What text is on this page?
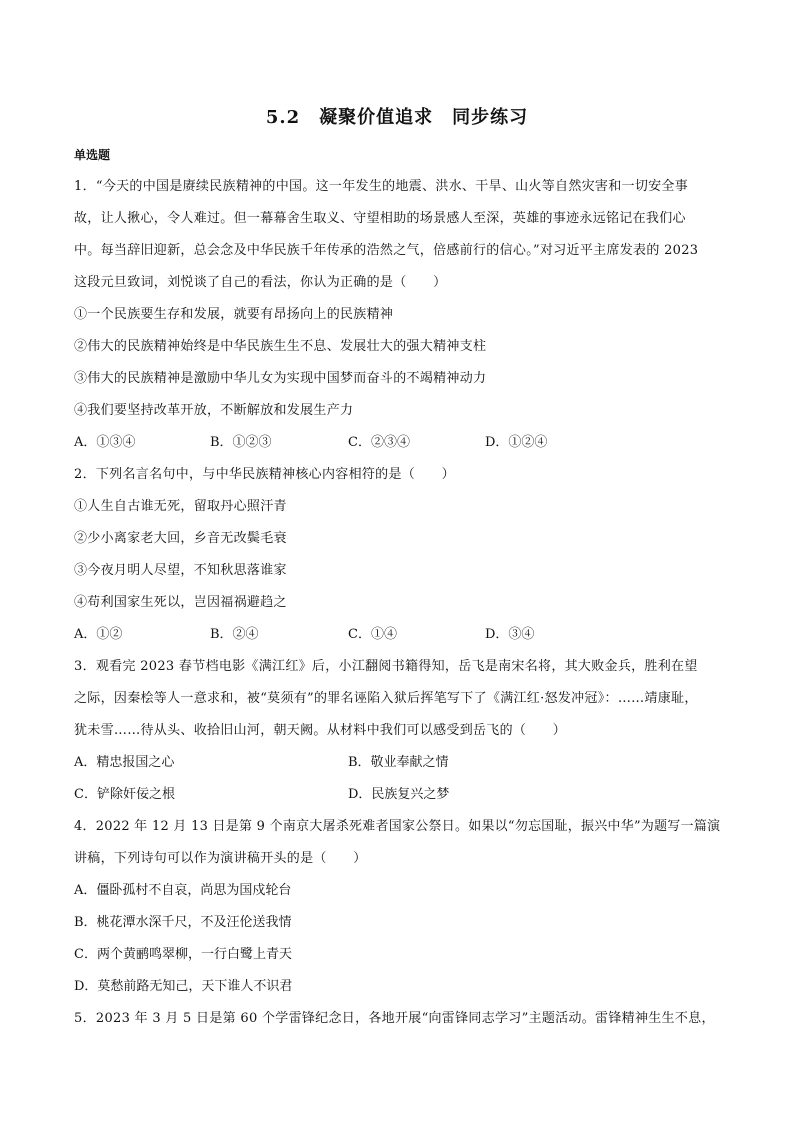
5.2　凝聚价值追求　同步练习
单选题
1．“今天的中国是赓续民族精神的中国。这一年发生的地震、洪水、干旱、山火等自然灾害和一切安全事
故，让人揪心，令人难过。但一幕幕舍生取义、守望相助的场景感人至深，英雄的事迹永远铭记在我们心
中。每当辞旧迎新，总会念及中华民族千年传承的浩然之气，倍感前行的信心。”对习近平主席发表的 2023
这段元旦致词，刘悦谈了自己的看法，你认为正确的是（　　）
①一个民族要生存和发展，就要有昂扬向上的民族精神
②伟大的民族精神始终是中华民族生生不息、发展壮大的强大精神支柱
③伟大的民族精神是激励中华儿女为实现中国梦而奋斗的不竭精神动力
④我们要坚持改革开放，不断解放和发展生产力
A．①③④	B．①②③	C．②③④	D．①②④
2．下列名言名句中，与中华民族精神核心内容相符的是（　　）
①人生自古谁无死，留取丹心照汗青
②少小离家老大回，乡音无改鬓毛衰
③今夜月明人尽望，不知秋思落谁家
④苟利国家生死以，岂因福祸避趋之
A．①②	B．②④	C．①④	D．③④
3．观看完 2023 春节档电影《满江红》后，小江翻阅书籍得知，岳飞是南宋名将，其大败金兵，胜利在望
之际，因秦桧等人一意求和，被“莫须有”的罪名诬陷入狱后挥笔写下了《满江红·怒发冲冠》：……靖康耻，
犹未雪……待从头、收拾旧山河，朝天阙。从材料中我们可以感受到岳飞的（　　）
A．精忠报国之心	B．敬业奉献之情
C．铲除奸佞之根	D．民族复兴之梦
4．2022 年 12 月 13 日是第 9 个南京大屠杀死难者国家公祭日。如果以“勿忘国耻，振兴中华”为题写一篇演
讲稿，下列诗句可以作为演讲稿开头的是（　　）
A．僵卧孤村不自哀，尚思为国戍轮台
B．桃花潭水深千尺，不及汪伦送我情
C．两个黄鹂鸣翠柳，一行白鹭上青天
D．莫愁前路无知己，天下谁人不识君
5．2023 年 3 月 5 日是第 60 个学雷锋纪念日，各地开展“向雷锋同志学习”主题活动。雷锋精神生生不息，
